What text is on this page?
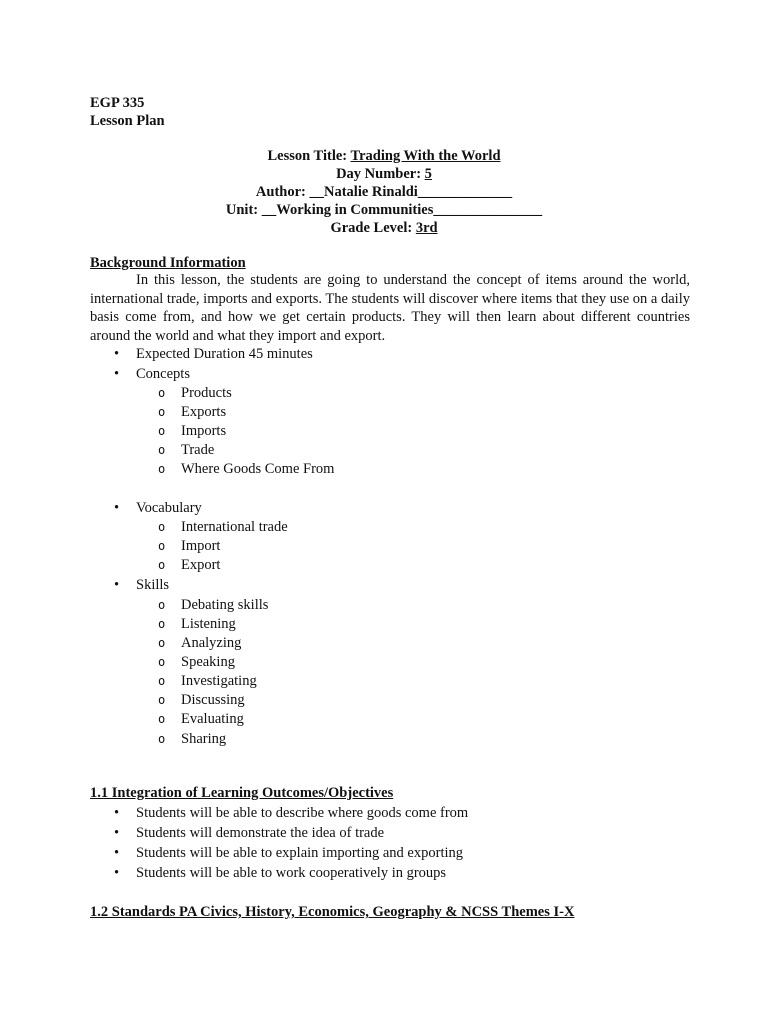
EGP 335
Lesson Plan
Lesson Title: Trading With the World
Day Number: 5
Author: __Natalie Rinaldi_____________
Unit: __Working in Communities_______________
Grade Level: 3rd
Background Information
In this lesson, the students are going to understand the concept of items around the world, international trade, imports and exports. The students will discover where items that they use on a daily basis come from, and how we get certain products. They will then learn about different countries around the world and what they import and export.
• Expected Duration 45 minutes
• Concepts
o Products
o Exports
o Imports
o Trade
o Where Goods Come From
• Vocabulary
o International trade
o Import
o Export
• Skills
o Debating skills
o Listening
o Analyzing
o Speaking
o Investigating
o Discussing
o Evaluating
o Sharing
1.1 Integration of Learning Outcomes/Objectives
• Students will be able to describe where goods come from
• Students will demonstrate the idea of trade
• Students will be able to explain importing and exporting
• Students will be able to work cooperatively in groups
1.2 Standards PA Civics, History, Economics, Geography & NCSS Themes I-X
